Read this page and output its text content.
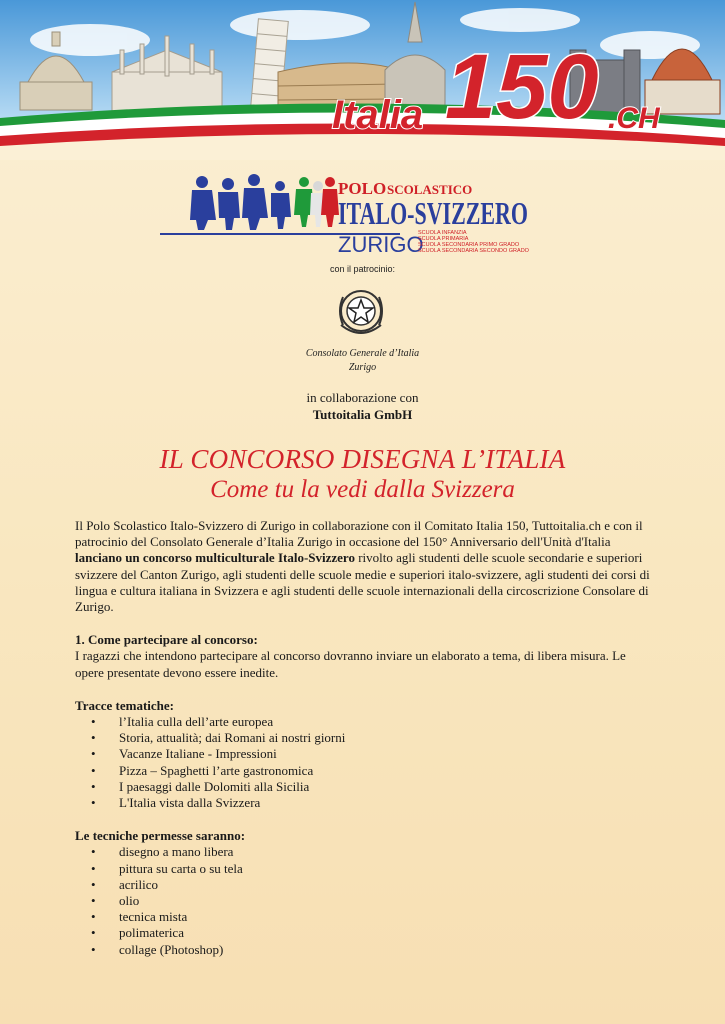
Italia 150 .CH
POLO SCOLASTICO
ITALO-SVIZZERO
ZURIGO
SCUOLA INFANZIA
SCUOLA PRIMARIA
SCUOLA SECONDARIA PRIMO GRADO
SCUOLA SECONDARIA SECONDO GRADO
con il patrocinio:
Consolato Generale d’Italia
Zurigo
in collaborazione con
Tuttoitalia GmbH
IL CONCORSO DISEGNA L’ITALIA
Come tu la vedi dalla Svizzera

Il Polo Scolastico Italo-Svizzero di Zurigo in collaborazione con il Comitato Italia 150, Tuttoitalia.ch e con il patrocinio del Consolato Generale d’Italia Zurigo in occasione del 150° Anniversario dell'Unità d'Italia lanciano un concorso multiculturale Italo-Svizzero rivolto agli studenti delle scuole secondarie e superiori svizzere del Canton Zurigo, agli studenti delle scuole medie e superiori italo-svizzere, agli studenti dei corsi di lingua e cultura italiana in Svizzera e agli studenti delle scuole internazionali della circoscrizione Consolare di Zurigo.

1. Come partecipare al concorso:

I ragazzi che intendono partecipare al concorso dovranno inviare un elaborato a tema, di libera misura. Le opere presentate devono essere inedite.

Tracce tematiche:

• l’Italia culla dell’arte europea
• Storia, attualità; dai Romani ai nostri giorni
• Vacanze Italiane - Impressioni
• Pizza – Spaghetti l’arte gastronomica
• I paesaggi dalle Dolomiti alla Sicilia
• L'Italia vista dalla Svizzera

Le tecniche permesse saranno:

• disegno a mano libera
• pittura su carta o su tela
• acrilico
• olio
• tecnica mista
• polimaterica
• collage (Photoshop)
